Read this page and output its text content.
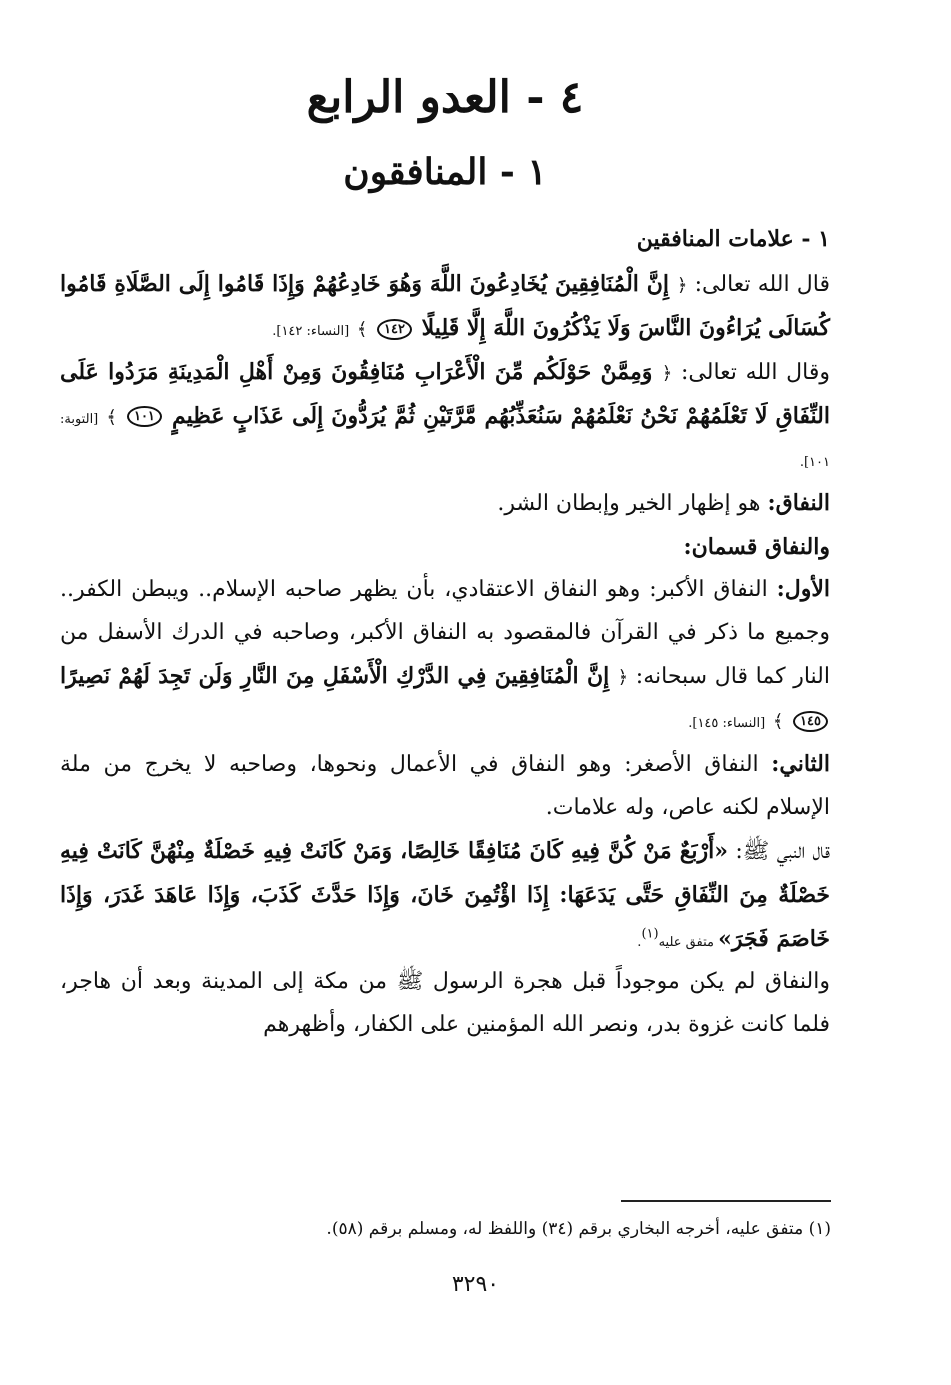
٤ - العدو الرابع
١ - المنافقون
١ - علامات المنافقين

قال الله تعالى: ﴿ إِنَّ الْمُنَافِقِينَ يُخَادِعُونَ اللَّهَ وَهُوَ خَادِعُهُمْ وَإِذَا قَامُوا إِلَى الصَّلَاةِ قَامُوا كُسَالَى يُرَاءُونَ النَّاسَ وَلَا يَذْكُرُونَ اللَّهَ إِلَّا قَلِيلًا ١٤٢ ﴾ [النساء: ١٤٢].

وقال الله تعالى: ﴿ وَمِمَّنْ حَوْلَكُم مِّنَ الْأَعْرَابِ مُنَافِقُونَ وَمِنْ أَهْلِ الْمَدِينَةِ مَرَدُوا عَلَى النِّفَاقِ لَا تَعْلَمُهُمْ نَحْنُ نَعْلَمُهُمْ سَنُعَذِّبُهُم مَّرَّتَيْنِ ثُمَّ يُرَدُّونَ إِلَى عَذَابٍ عَظِيمٍ ١٠١ ﴾ [التوبة: ١٠١].

النفاق: هو إظهار الخير وإبطان الشر.

والنفاق قسمان:

الأول: النفاق الأكبر: وهو النفاق الاعتقادي، بأن يظهر صاحبه الإسلام.. ويبطن الكفر.. وجميع ما ذكر في القرآن فالمقصود به النفاق الأكبر، وصاحبه في الدرك الأسفل من النار كما قال سبحانه: ﴿ إِنَّ الْمُنَافِقِينَ فِي الدَّرْكِ الْأَسْفَلِ مِنَ النَّارِ وَلَن تَجِدَ لَهُمْ نَصِيرًا ١٤٥ ﴾ [النساء: ١٤٥].

الثاني: النفاق الأصغر: وهو النفاق في الأعمال ونحوها، وصاحبه لا يخرج من ملة الإسلام لكنه عاص، وله علامات.

قال النبي ﷺ: «أَرْبَعٌ مَنْ كُنَّ فِيهِ كَانَ مُنَافِقًا خَالِصًا، وَمَنْ كَانَتْ فِيهِ خَصْلَةٌ مِنْهُنَّ كَانَتْ فِيهِ خَصْلَةٌ مِنَ النِّفَاقِ حَتَّى يَدَعَهَا: إِذَا اؤْتُمِنَ خَانَ، وَإِذَا حَدَّثَ كَذَبَ، وَإِذَا عَاهَدَ غَدَرَ، وَإِذَا خَاصَمَ فَجَرَ» متفق عليه$^{(١)}$.

والنفاق لم يكن موجوداً قبل هجرة الرسول ﷺ من مكة إلى المدينة وبعد أن هاجر، فلما كانت غزوة بدر، ونصر الله المؤمنين على الكفار، وأظهرهم

(١) متفق عليه، أخرجه البخاري برقم (٣٤) واللفظ له، ومسلم برقم (٥٨).
٣٢٩٠
